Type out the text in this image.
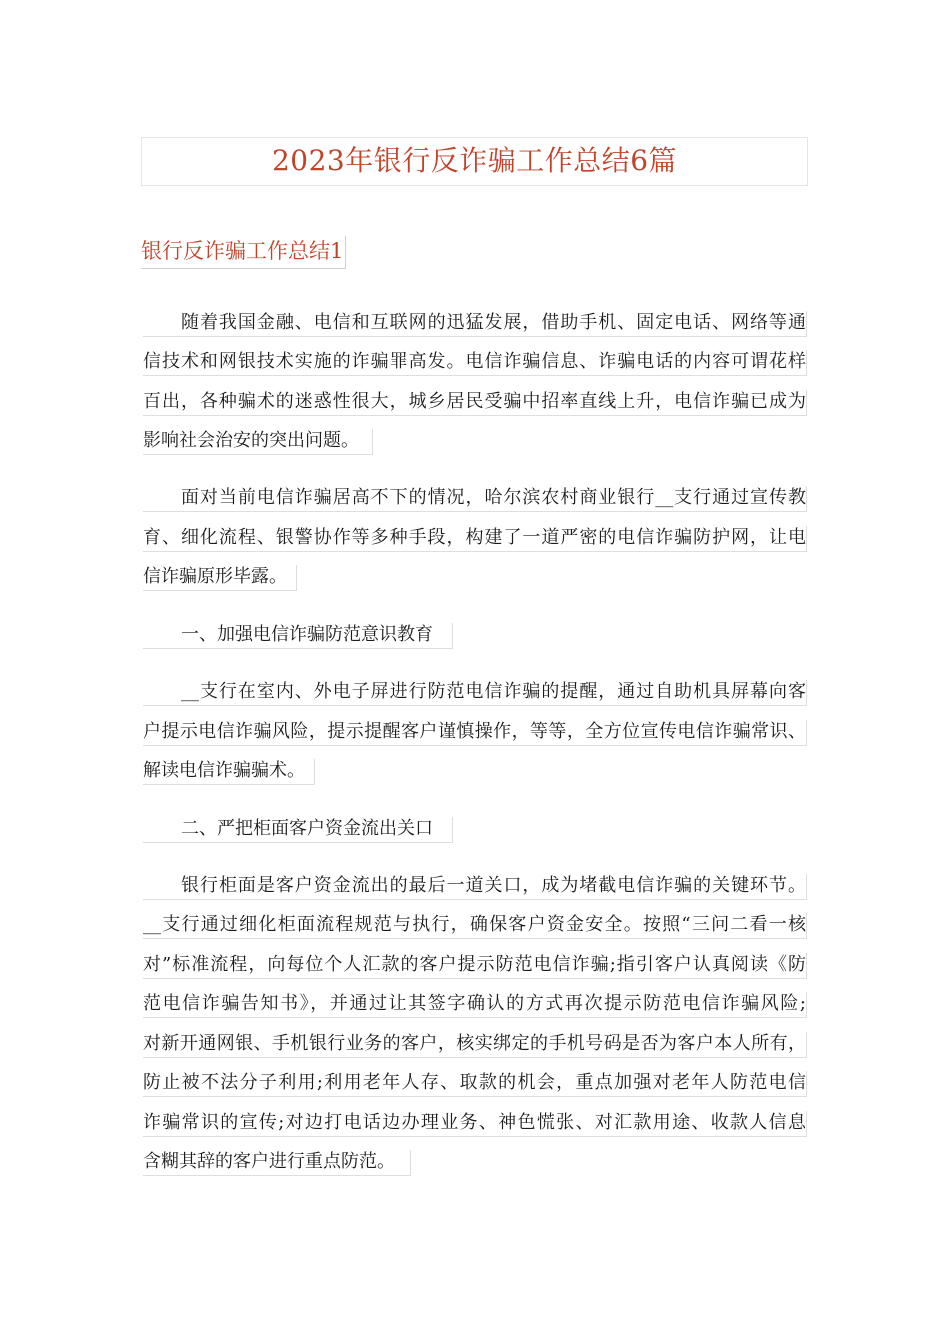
2023年银行反诈骗工作总结6篇
银行反诈骗工作总结1
随着我国金融、电信和互联网的迅猛发展，借助手机、固定电话、网络等通
信技术和网银技术实施的诈骗罪高发。电信诈骗信息、诈骗电话的内容可谓花样
百出，各种骗术的迷惑性很大，城乡居民受骗中招率直线上升，电信诈骗已成为
影响社会治安的突出问题。
面对当前电信诈骗居高不下的情况，哈尔滨农村商业银行__支行通过宣传教
育、细化流程、银警协作等多种手段，构建了一道严密的电信诈骗防护网，让电
信诈骗原形毕露。
一、加强电信诈骗防范意识教育
__支行在室内、外电子屏进行防范电信诈骗的提醒，通过自助机具屏幕向客
户提示电信诈骗风险，提示提醒客户谨慎操作，等等，全方位宣传电信诈骗常识、
解读电信诈骗骗术。
二、严把柜面客户资金流出关口
银行柜面是客户资金流出的最后一道关口，成为堵截电信诈骗的关键环节。
__支行通过细化柜面流程规范与执行，确保客户资金安全。按照“三问二看一核
对”标准流程，向每位个人汇款的客户提示防范电信诈骗;指引客户认真阅读《防
范电信诈骗告知书》，并通过让其签字确认的方式再次提示防范电信诈骗风险;
对新开通网银、手机银行业务的客户，核实绑定的手机号码是否为客户本人所有，
防止被不法分子利用;利用老年人存、取款的机会，重点加强对老年人防范电信
诈骗常识的宣传;对边打电话边办理业务、神色慌张、对汇款用途、收款人信息
含糊其辞的客户进行重点防范。
